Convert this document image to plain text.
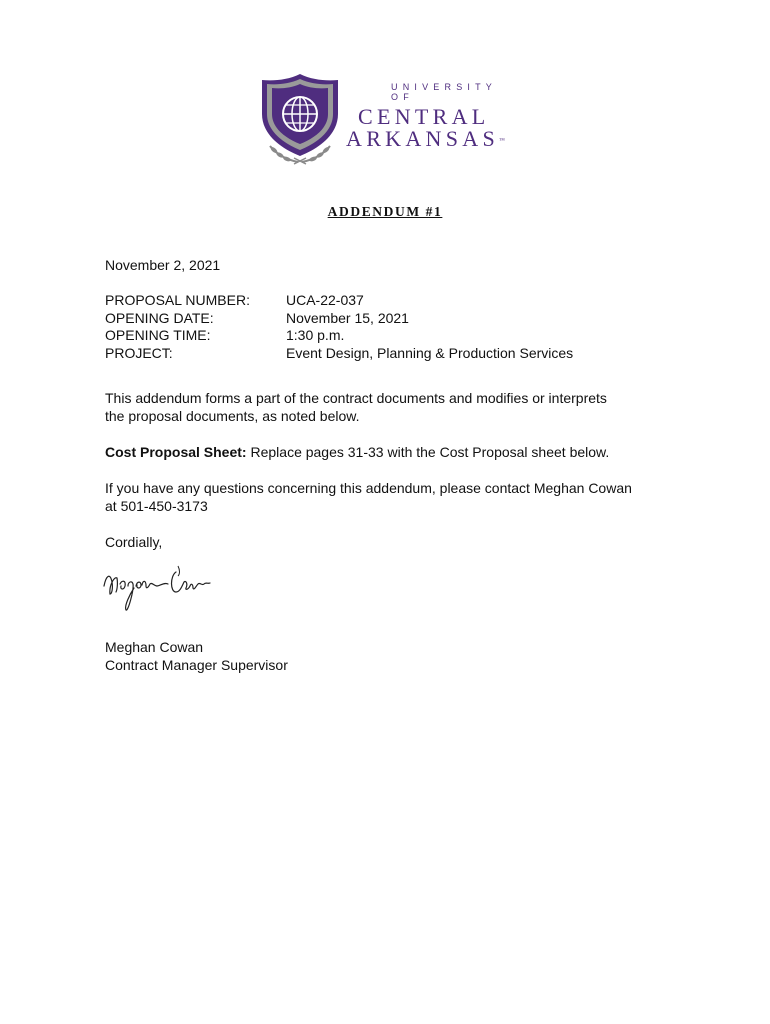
UNIVERSITY OF
CENTRAL
ARKANSAS™
ADDENDUM #1
November 2, 2021
PROPOSAL NUMBER:	UCA-22-037
OPENING DATE:	November 15, 2021
OPENING TIME:	1:30 p.m.
PROJECT:	Event Design, Planning & Production Services
This addendum forms a part of the contract documents and modifies or interprets
the proposal documents, as noted below.
Cost Proposal Sheet: Replace pages 31-33 with the Cost Proposal sheet below.
If you have any questions concerning this addendum, please contact Meghan Cowan
at 501-450-3173
Cordially,
Meghan Cowan
Contract Manager Supervisor
